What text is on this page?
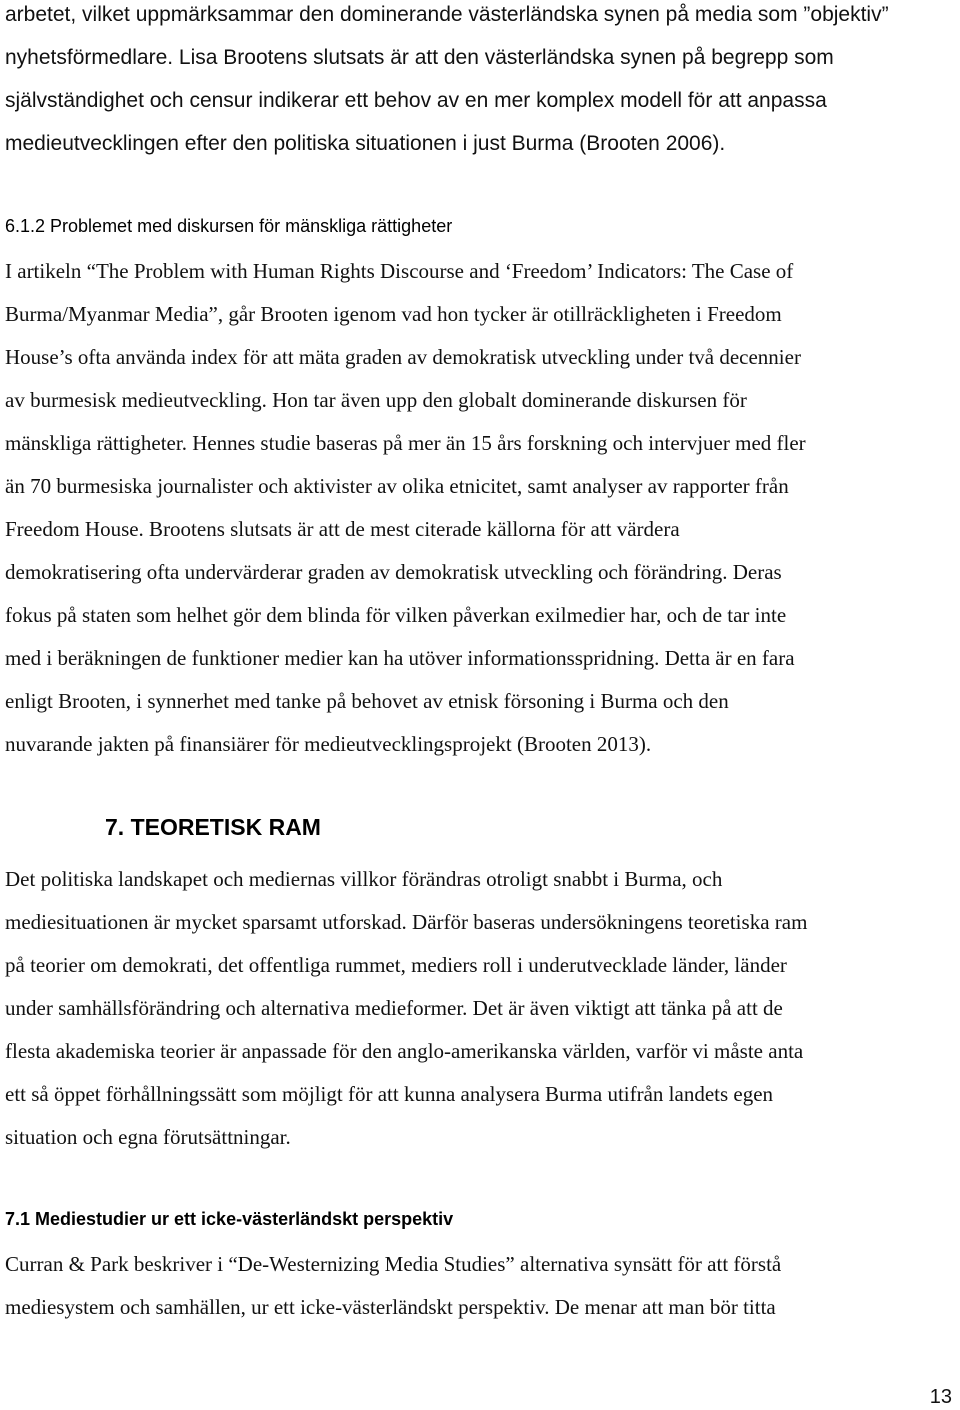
arbetet, vilket uppmärksammar den dominerande västerländska synen på media som ”objektiv”
nyhetsförmedlare. Lisa Brootens slutsats är att den västerländska synen på begrepp som
självständighet och censur indikerar ett behov av en mer komplex modell för att anpassa
medieutvecklingen efter den politiska situationen i just Burma (Brooten 2006).
6.1.2 Problemet med diskursen för mänskliga rättigheter
I artikeln “The Problem with Human Rights Discourse and ‘Freedom’ Indicators: The Case of
Burma/Myanmar Media”, går Brooten igenom vad hon tycker är otillräckligheten i Freedom
House’s ofta använda index för att mäta graden av demokratisk utveckling under två decennier
av burmesisk medieutveckling. Hon tar även upp den globalt dominerande diskursen för
mänskliga rättigheter. Hennes studie baseras på mer än 15 års forskning och intervjuer med fler
än 70 burmesiska journalister och aktivister av olika etnicitet, samt analyser av rapporter från
Freedom House. Brootens slutsats är att de mest citerade källorna för att värdera
demokratisering ofta undervärderar graden av demokratisk utveckling och förändring. Deras
fokus på staten som helhet gör dem blinda för vilken påverkan exilmedier har, och de tar inte
med i beräkningen de funktioner medier kan ha utöver informationsspridning. Detta är en fara
enligt Brooten, i synnerhet med tanke på behovet av etnisk försoning i Burma och den
nuvarande jakten på finansiärer för medieutvecklingsprojekt (Brooten 2013).
7. TEORETISK RAM
Det politiska landskapet och mediernas villkor förändras otroligt snabbt i Burma, och
mediesituationen är mycket sparsamt utforskad. Därför baseras undersökningens teoretiska ram
på teorier om demokrati, det offentliga rummet, mediers roll i underutvecklade länder, länder
under samhällsförändring och alternativa medieformer. Det är även viktigt att tänka på att de
flesta akademiska teorier är anpassade för den anglo-amerikanska världen, varför vi måste anta
ett så öppet förhållningssätt som möjligt för att kunna analysera Burma utifrån landets egen
situation och egna förutsättningar.
7.1 Mediestudier ur ett icke-västerländskt perspektiv
Curran & Park beskriver i “De-Westernizing Media Studies” alternativa synsätt för att förstå
mediesystem och samhällen, ur ett icke-västerländskt perspektiv. De menar att man bör titta
13
